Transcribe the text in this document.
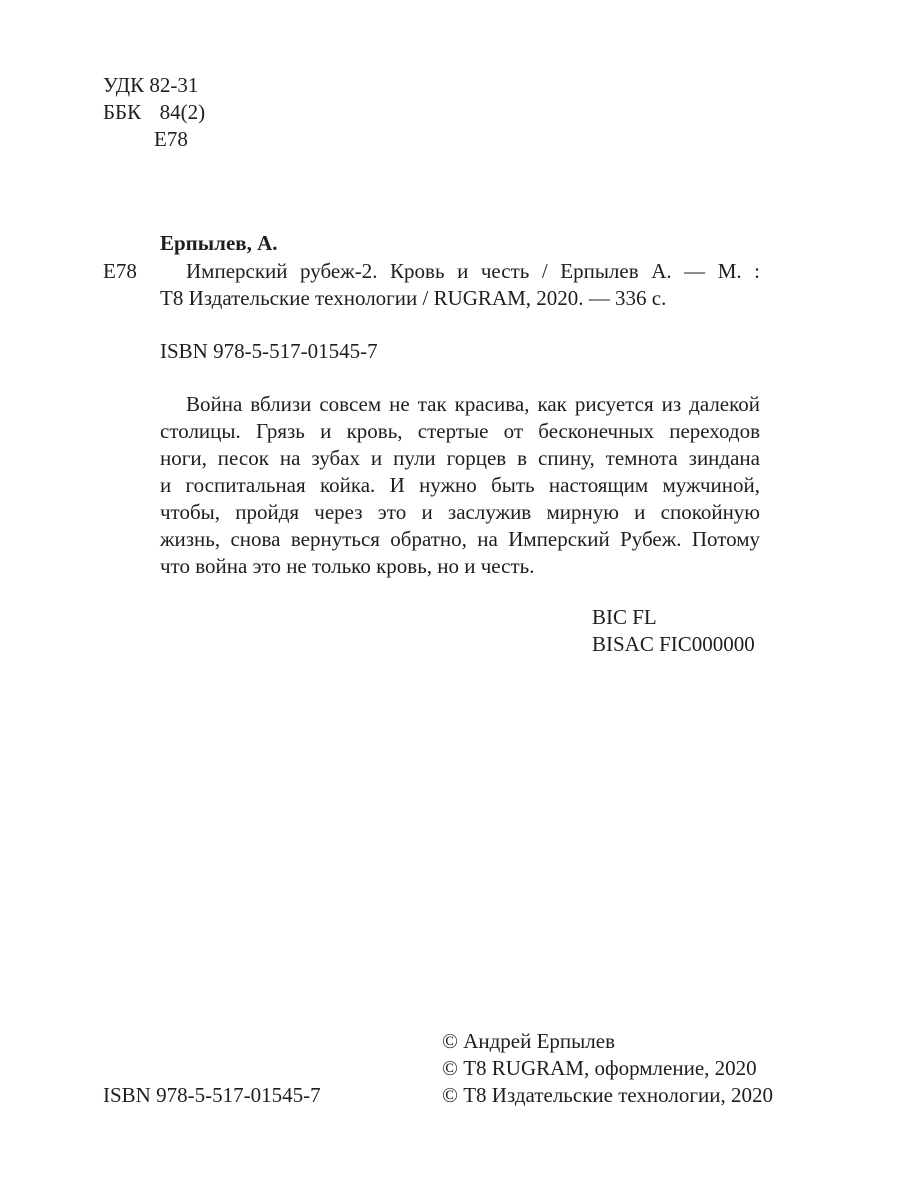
УДК 82-31
ББК 84(2)
Е78
Ерпылев, А.
Е78 Имперский рубеж-2. Кровь и честь / Ерпылев А. — М. :
Т8 Издательские технологии / RUGRAM, 2020. — 336 с.
ISBN 978-5-517-01545-7
Война вблизи совсем не так красива, как рисуется из далекой
столицы. Грязь и кровь, стертые от бесконечных переходов
ноги, песок на зубах и пули горцев в спину, темнота зиндана
и госпитальная койка. И нужно быть настоящим мужчиной,
чтобы, пройдя через это и заслужив мирную и спокойную
жизнь, снова вернуться обратно, на Имперский Рубеж. Потому
что война это не только кровь, но и честь.
BIC FL
BISAC FIC000000
© Андрей Ерпылев
© Т8 RUGRAM, оформление, 2020
© Т8 Издательские технологии, 2020
ISBN 978-5-517-01545-7
